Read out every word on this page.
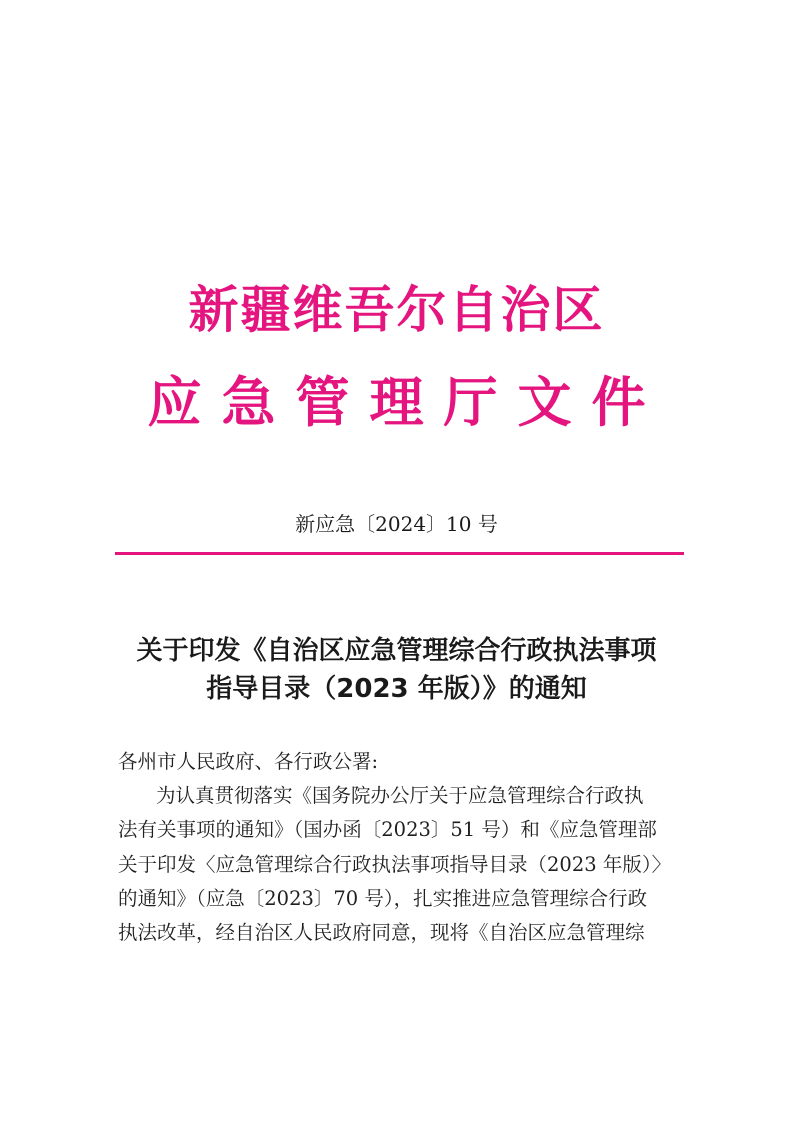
新疆维吾尔自治区
应急管理厅文件
新应急〔2024〕10 号
关于印发《自治区应急管理综合行政执法事项
指导目录（2023 年版）》的通知

各州市人民政府、各行政公署:

为认真贯彻落实《国务院办公厅关于应急管理综合行政执

法有关事项的通知》（国办函〔2023〕51 号）和《应急管理部

关于印发〈应急管理综合行政执法事项指导目录（2023 年版）〉

的通知》（应急〔2023〕70 号），扎实推进应急管理综合行政

执法改革，经自治区人民政府同意，现将《自治区应急管理综
